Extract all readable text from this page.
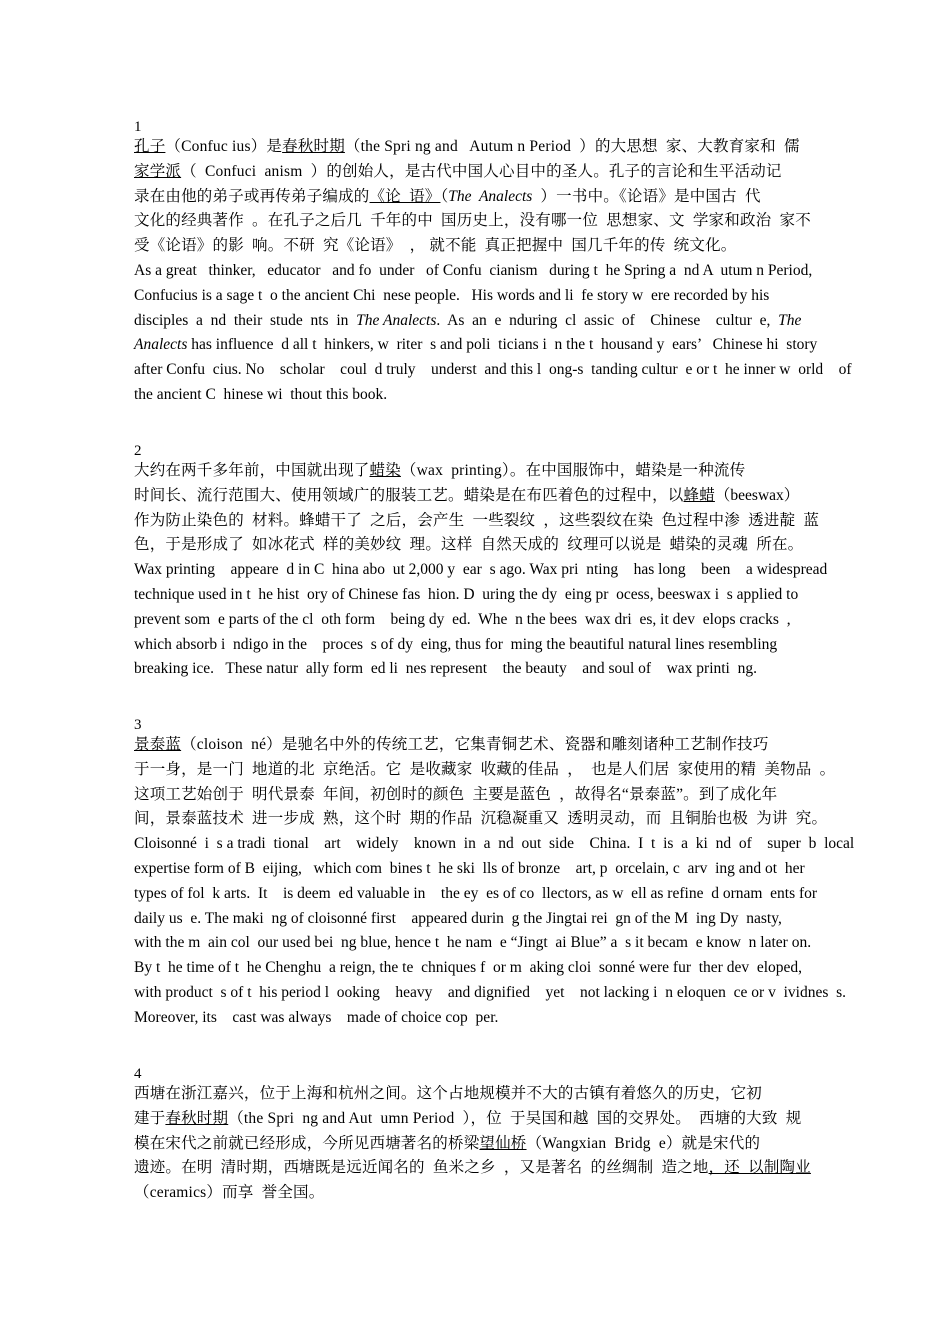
1
孔子（Confuc ius）是春秋时期（the Spri ng and   Autum n Period  ）的大思想  家、大教育家和  儒
家学派（  Confuci  anism  ）的创始人，是古代中国人心目中的圣人。孔子的言论和生平活动记
录在由他的弟子或再传弟子编成的《论  语》（The  Analects  ）一书中。《论语》是中国古  代
文化的经典著作  。在孔子之后几  千年的中  国历史上，没有哪一位  思想家、文  学家和政治  家不
受《论语》的影  响。不研  究《论语》  ， 就不能  真正把握中  国几千年的传  统文化。
As a great   thinker,   educator   and fo  under   of Confu  cianism   during t  he Spring a  nd A  utum n Period,
Confucius is a sage t  o the ancient Chi  nese people.   His words and li  fe story w  ere recorded by his
disciples  a  nd  their  stude  nts  in  The Analects.  As  an  e  nduring  cl  assic  of    Chinese    cultur  e,  The
Analects has influence  d all t  hinkers, w  riter  s and poli  ticians i  n the t  housand y  ears’   Chinese hi  story
after Confu  cius. No    scholar    coul  d truly    underst  and this l  ong-s  tanding cultur  e or t  he inner w  orld    of
the ancient C  hinese wi  thout this book.
2
大约在两千多年前，中国就出现了蜡染（wax  printing）。在中国服饰中，蜡染是一种流传
时间长、流行范围大、使用领域广的服装工艺。蜡染是在布匹着色的过程中，以蜂蜡（beeswax）
作为防止染色的  材料。蜂蜡干了  之后，会产生  一些裂纹  ，这些裂纹在染  色过程中渗  透进靛  蓝
色，于是形成了  如冰花式  样的美妙纹  理。这样  自然天成的  纹理可以说是  蜡染的灵魂  所在。
Wax printing    appeare  d in C  hina abo  ut 2,000 y  ear  s ago. Wax pri  nting    has long    been    a widespread
technique used in t  he hist  ory of Chinese fas  hion. D  uring the dy  eing pr  ocess, beeswax i  s applied to
prevent som  e parts of the cl  oth form    being dy  ed.  Whe  n the bees  wax dri  es, it dev  elops cracks  ,
which absorb i  ndigo in the    proces  s of dy  eing, thus for  ming the beautiful natural lines resembling
breaking ice.   These natur  ally form  ed li  nes represent    the beauty    and soul of    wax printi  ng.
3
景泰蓝（cloison  né）是驰名中外的传统工艺，它集青铜艺术、瓷器和雕刻诸种工艺制作技巧
于一身，是一门  地道的北  京绝活。它  是收藏家  收藏的佳品  ，  也是人们居  家使用的精  美物品  。
这项工艺始创于  明代景泰  年间，初创时的颜色  主要是蓝色  ，故得名“景泰蓝”。到了成化年
间，景泰蓝技术  进一步成  熟，这个时  期的作品  沉稳凝重又  透明灵动，而  且铜胎也极  为讲  究。
Cloisonné  i  s a tradi  tional    art    widely    known  in  a  nd  out  side    China.  I  t  is  a  ki  nd  of    super  b  local
expertise form of B  eijing,   which com  bines t  he ski  lls of bronze    art, p  orcelain, c  arv  ing and ot  her
types of fol  k arts.  It    is deem  ed valuable in    the ey  es of co  llectors, as w  ell as refine  d ornam  ents for
daily us  e. The maki  ng of cloisonné first    appeared durin  g the Jingtai rei  gn of the M  ing Dy  nasty,
with the m  ain col  our used bei  ng blue, hence t  he nam  e “Jingt  ai Blue” a  s it becam  e know  n later on.
By t  he time of t  he Chenghu  a reign, the te  chniques f  or m  aking cloi  sonné were fur  ther dev  eloped,
with product  s of t  his period l  ooking    heavy    and dignified    yet    not lacking i  n eloquen  ce or v  ividnes  s.
Moreover, its    cast was always    made of choice cop  per.
4
西塘在浙江嘉兴，位于上海和杭州之间。这个占地规模并不大的古镇有着悠久的历史，它初
建于春秋时期（the Spri  ng and Aut  umn Period  ），位  于吴国和越  国的交界处。  西塘的大致  规
模在宋代之前就已经形成，今所见西塘著名的桥梁望仙桥（Wangxian  Bridg  e）就是宋代的
遗迹。在明  清时期，西塘既是远近闻名的  鱼米之乡  ，又是著名  的丝绸制  造之地，还  以制陶业
（ceramics）而享  誉全国。
